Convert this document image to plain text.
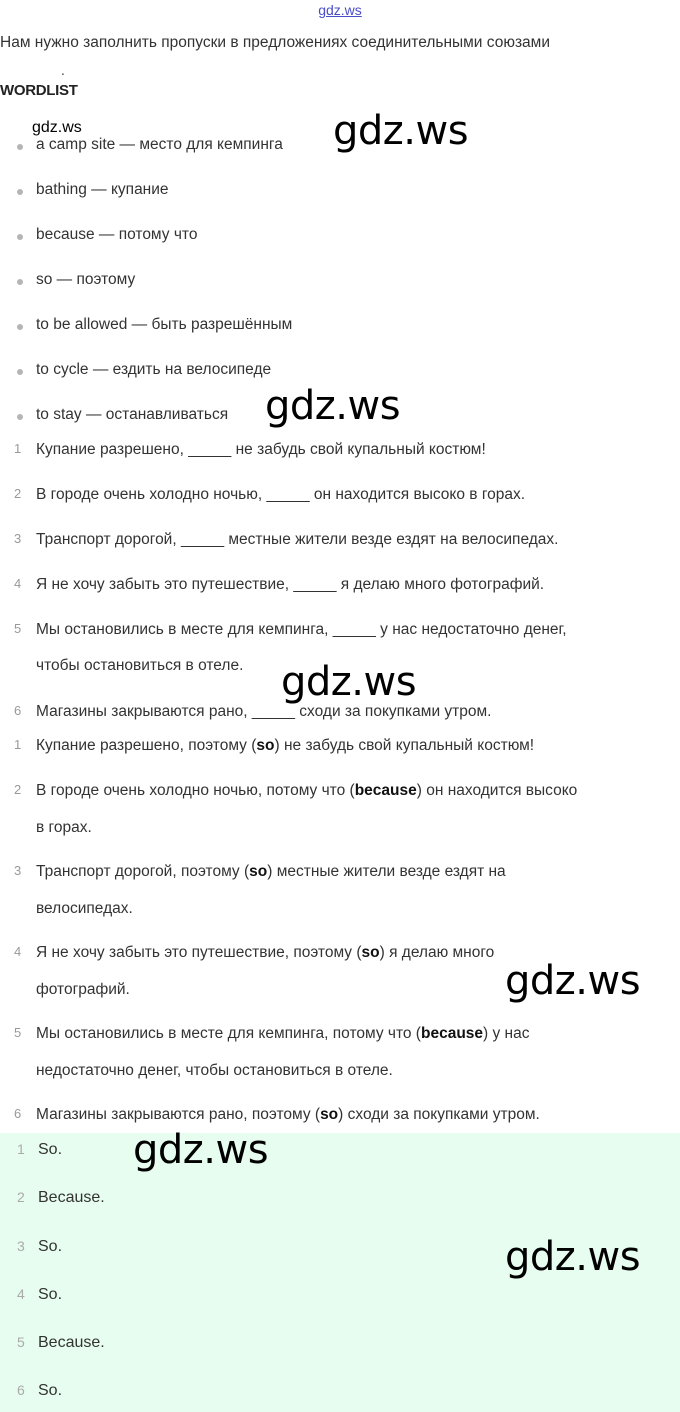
gdz.ws
Нам нужно заполнить пропуски в предложениях соединительными союзами
.
WORDLIST
gdz.ws
a camp site — место для кемпинга
bathing — купание
because — потому что
so — поэтому
to be allowed — быть разрешённым
to cycle — ездить на велосипеде
to stay — останавливаться
1 Купание разрешено, _____ не забудь свой купальный костюм!
2 В городе очень холодно ночью, _____ он находится высоко в горах.
3 Транспорт дорогой, _____ местные жители везде ездят на велосипедах.
4 Я не хочу забыть это путешествие, _____ я делаю много фотографий.
5 Мы остановились в месте для кемпинга, _____ у нас недостаточно денег,
чтобы остановиться в отеле.
6 Магазины закрываются рано, _____ сходи за покупками утром.
1 Купание разрешено, поэтому (so) не забудь свой купальный костюм!
2 В городе очень холодно ночью, потому что (because) он находится высоко
в горах.
3 Транспорт дорогой, поэтому (so) местные жители везде ездят на
велосипедах.
4 Я не хочу забыть это путешествие, поэтому (so) я делаю много
фотографий.
5 Мы остановились в месте для кемпинга, потому что (because) у нас
недостаточно денег, чтобы остановиться в отеле.
6 Магазины закрываются рано, поэтому (so) сходи за покупками утром.
1 So.
2 Because.
3 So.
4 So.
5 Because.
6 So.
gdz.ws
gdz.ws
gdz.ws
gdz.ws
gdz.ws
gdz.ws
